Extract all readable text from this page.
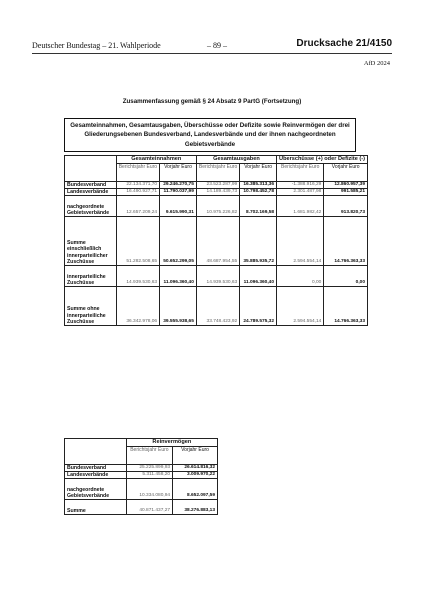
Deutscher Bundestag – 21. Wahlperiode	– 89 –	Drucksache 21/4150
AfD 2024
Zusammenfassung gemäß § 24 Absatz 9 PartG (Fortsetzung)
Gesamteinnahmen, Gesamtausgaben, Überschüsse oder Defizite sowie Reinvermögen der drei Gliederungsebenen Bundesverband, Landesverbände und der ihnen nachgeordneten Gebietsverbände
	Gesamteinnahmen		Gesamtausgaben		Überschüsse (+) oder Defizite (-)	
	Berichtsjahr Euro	Vorjahr Euro	Berichtsjahr Euro	Vorjahr Euro	Berichtsjahr Euro	Vorjahr Euro
Bundesverband	22.134.371,70	29.246.270,75	23.523.287,99	16.385.313,36	-1.388.916,29	12.860.957,39
Landesverbände	16.490.927,71	11.790.037,99	14.189.439,73	10.798.452,78	2.301.487,98	991.585,21
nachgeordnete Gebietsverbände	12.657.209,24	9.615.990,31	10.975.226,82	8.702.169,58	1.681.982,42	913.820,73
Summe einschließlich innerparteilicher Zuschüsse	51.282.508,65	50.652.299,05	48.687.954,55	35.885.935,72	2.594.554,14	14.766.363,33
innerparteiliche Zuschüsse	14.939.530,63	11.096.360,40	14.939.530,63	11.096.360,40	0,00	0,00
Summe ohne innerparteiliche Zuschüsse	36.342.978,06	39.555.938,65	33.748.423,92	24.789.575,32	2.594.554,14	14.766.363,33
	Reinvermögen	
	Berichtsjahr Euro	Vorjahr Euro
Bundesverband	25.225.899,93	26.614.816,32
Landesverbände	5.311.458,20	3.009.970,22
nachgeordnete Gebietsverbände	10.334.080,94	8.652.097,59
Summe	40.871.437,27	38.276.883,13
